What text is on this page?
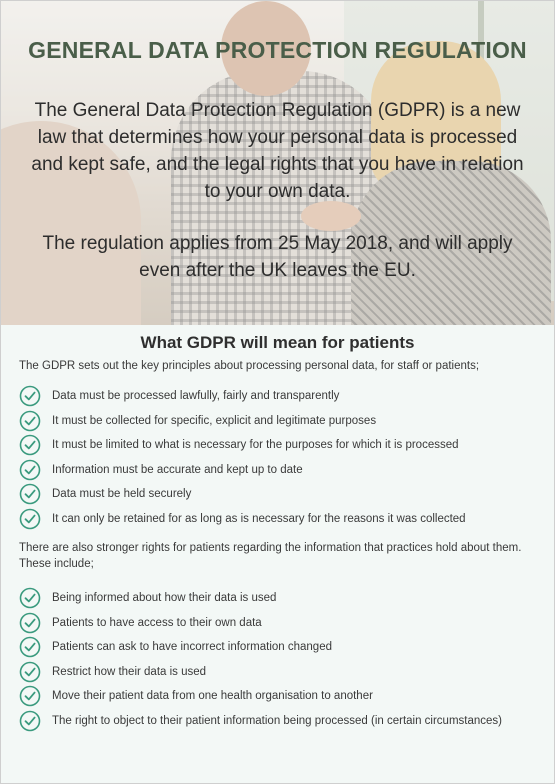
GENERAL DATA PROTECTION REGULATION

The General Data Protection Regulation (GDPR) is a new law that determines how your personal data is processed and kept safe, and the legal rights that you have in relation to your own data.

The regulation applies from 25 May 2018, and will apply even after the UK leaves the EU.

What GDPR will mean for patients

The GDPR sets out the key principles about processing personal data, for staff or patients;

Data must be processed lawfully, fairly and transparently
It must be collected for specific, explicit and legitimate purposes
It must be limited to what is necessary for the purposes for which it is processed
Information must be accurate and kept up to date
Data must be held securely
It can only be retained for as long as is necessary for the reasons it was collected

There are also stronger rights for patients regarding the information that practices hold about them. These include;

Being informed about how their data is used
Patients to have access to their own data
Patients can ask to have incorrect information changed
Restrict how their data is used
Move their patient data from one health organisation to another
The right to object to their patient information being processed (in certain circumstances)
